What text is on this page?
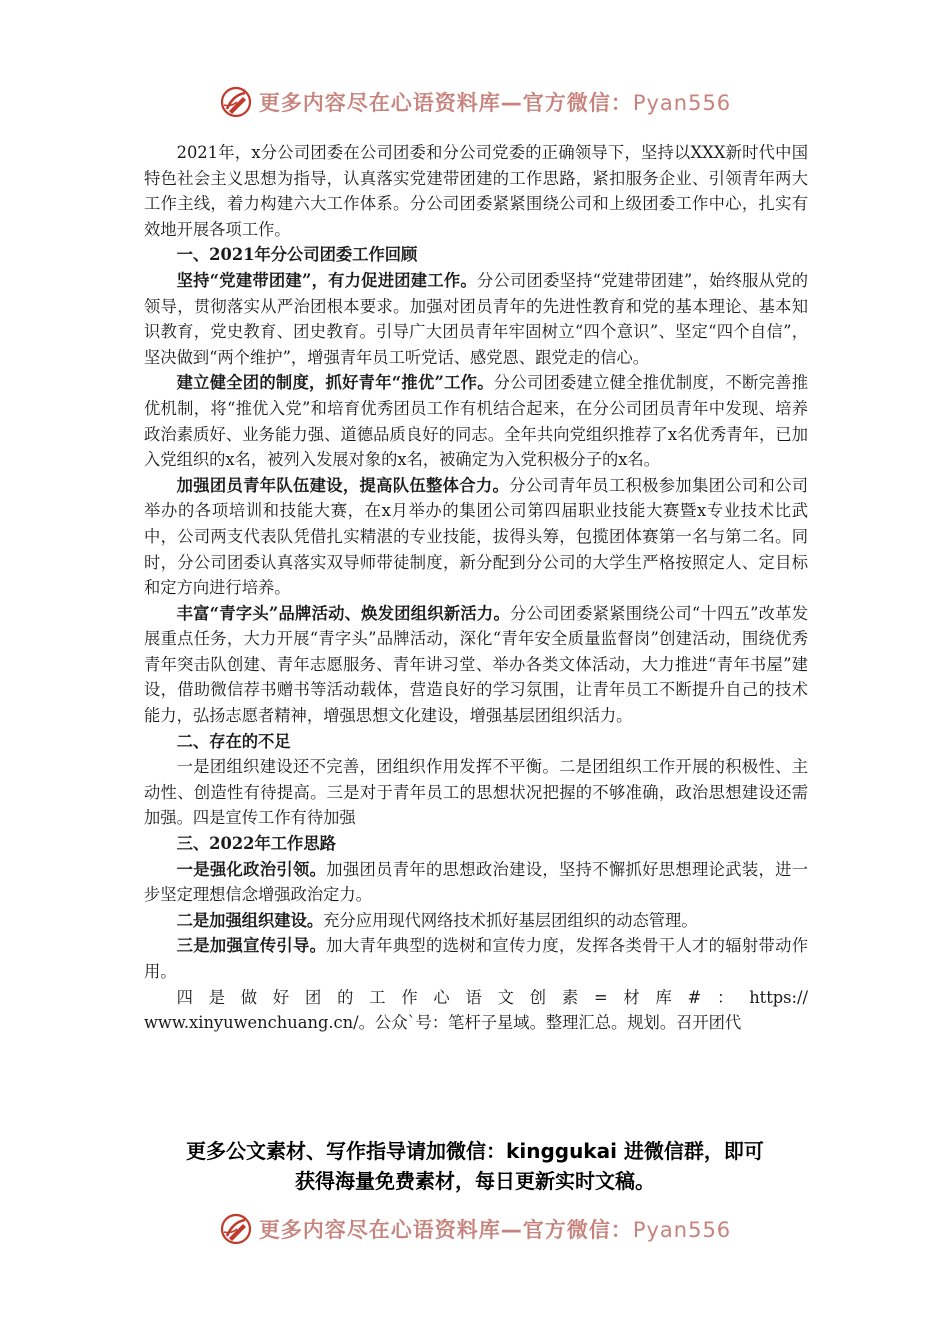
更多内容尽在心语资料库—官方微信：Pyan556

2021年，x分公司团委在公司团委和分公司党委的正确领导下，坚持以XXX新时代中国特色社会主义思想为指导，认真落实党建带团建的工作思路，紧扣服务企业、引领青年两大工作主线，着力构建六大工作体系。分公司团委紧紧围绕公司和上级团委工作中心，扎实有效地开展各项工作。

一、2021年分公司团委工作回顾

坚持“党建带团建”，有力促进团建工作。分公司团委坚持“党建带团建”，始终服从党的领导，贯彻落实从严治团根本要求。加强对团员青年的先进性教育和党的基本理论、基本知识教育，党史教育、团史教育。引导广大团员青年牢固树立“四个意识”、坚定“四个自信”，坚决做到“两个维护”，增强青年员工听党话、感党恩、跟党走的信心。

建立健全团的制度，抓好青年“推优”工作。分公司团委建立健全推优制度，不断完善推优机制，将“推优入党”和培育优秀团员工作有机结合起来，在分公司团员青年中发现、培养政治素质好、业务能力强、道德品质良好的同志。全年共向党组织推荐了x名优秀青年，已加入党组织的x名，被列入发展对象的x名，被确定为入党积极分子的x名。

加强团员青年队伍建设，提高队伍整体合力。分公司青年员工积极参加集团公司和公司举办的各项培训和技能大赛，在x月举办的集团公司第四届职业技能大赛暨x专业技术比武中，公司两支代表队凭借扎实精湛的专业技能，拔得头筹，包揽团体赛第一名与第二名。同时，分公司团委认真落实双导师带徒制度，新分配到分公司的大学生严格按照定人、定目标和定方向进行培养。

丰富“青字头”品牌活动、焕发团组织新活力。分公司团委紧紧围绕公司“十四五”改革发展重点任务，大力开展“青字头”品牌活动，深化“青年安全质量监督岗”创建活动，围绕优秀青年突击队创建、青年志愿服务、青年讲习堂、举办各类文体活动，大力推进“青年书屋”建设，借助微信荐书赠书等活动载体，营造良好的学习氛围，让青年员工不断提升自己的技术能力，弘扬志愿者精神，增强思想文化建设，增强基层团组织活力。

二、存在的不足

一是团组织建设还不完善，团组织作用发挥不平衡。二是团组织工作开展的积极性、主动性、创造性有待提高。三是对于青年员工的思想状况把握的不够准确，政治思想建设还需加强。四是宣传工作有待加强

三、2022年工作思路

一是强化政治引领。加强团员青年的思想政治建设，坚持不懈抓好思想理论武装，进一步坚定理想信念增强政治定力。

二是加强组织建设。充分应用现代网络技术抓好基层团组织的动态管理。

三是加强宣传引导。加大青年典型的选树和宣传力度，发挥各类骨干人才的辐射带动作用。

四是做好团的工作心语文创素=材库#：https://

www.xinyuwenchuang.cn/。公众`号：笔杆子星域。整理汇总。规划。召开团代

更多公文素材、写作指导请加微信：kinggukai 进微信群，即可
获得海量免费素材，每日更新实时文稿。
更多内容尽在心语资料库—官方微信：Pyan556
